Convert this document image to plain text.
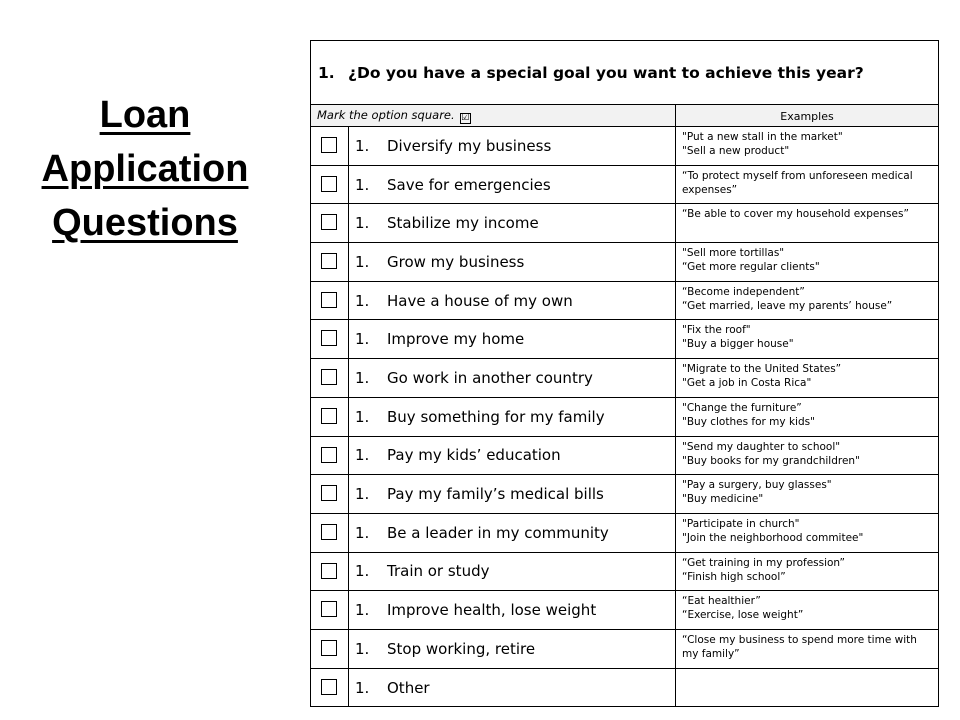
Loan
Application
Questions
1. ¿Do you have a special goal you want to achieve this year?
Mark the option square. ☑	Examples
1.	Diversify my business	"Put a new stall in the market"
"Sell a new product"
1.	Save for emergencies	“To protect myself from unforeseen medical expenses”
1.	Stabilize my income	“Be able to cover my household expenses”
1.	Grow my business	"Sell more tortillas"
“Get more regular clients"
1.	Have a house of my own	“Become independent”
“Get married, leave my parents’ house”
1.	Improve my home	"Fix the roof"
"Buy a bigger house"
1.	Go work in another country	"Migrate to the United States”
"Get a job in Costa Rica"
1.	Buy something for my family	"Change the furniture”
"Buy clothes for my kids"
1.	Pay my kids’ education	"Send my daughter to school"
"Buy books for my grandchildren"
1.	Pay my family’s medical bills	"Pay a surgery, buy glasses"
"Buy medicine"
1.	Be a leader in my community	"Participate in church"
"Join the neighborhood commitee"
1.	Train or study	“Get training in my profession”
“Finish high school”
1.	Improve health, lose weight	“Eat healthier”
“Exercise, lose weight”
1.	Stop working, retire	“Close my business to spend more time with my family”
1.	Other
